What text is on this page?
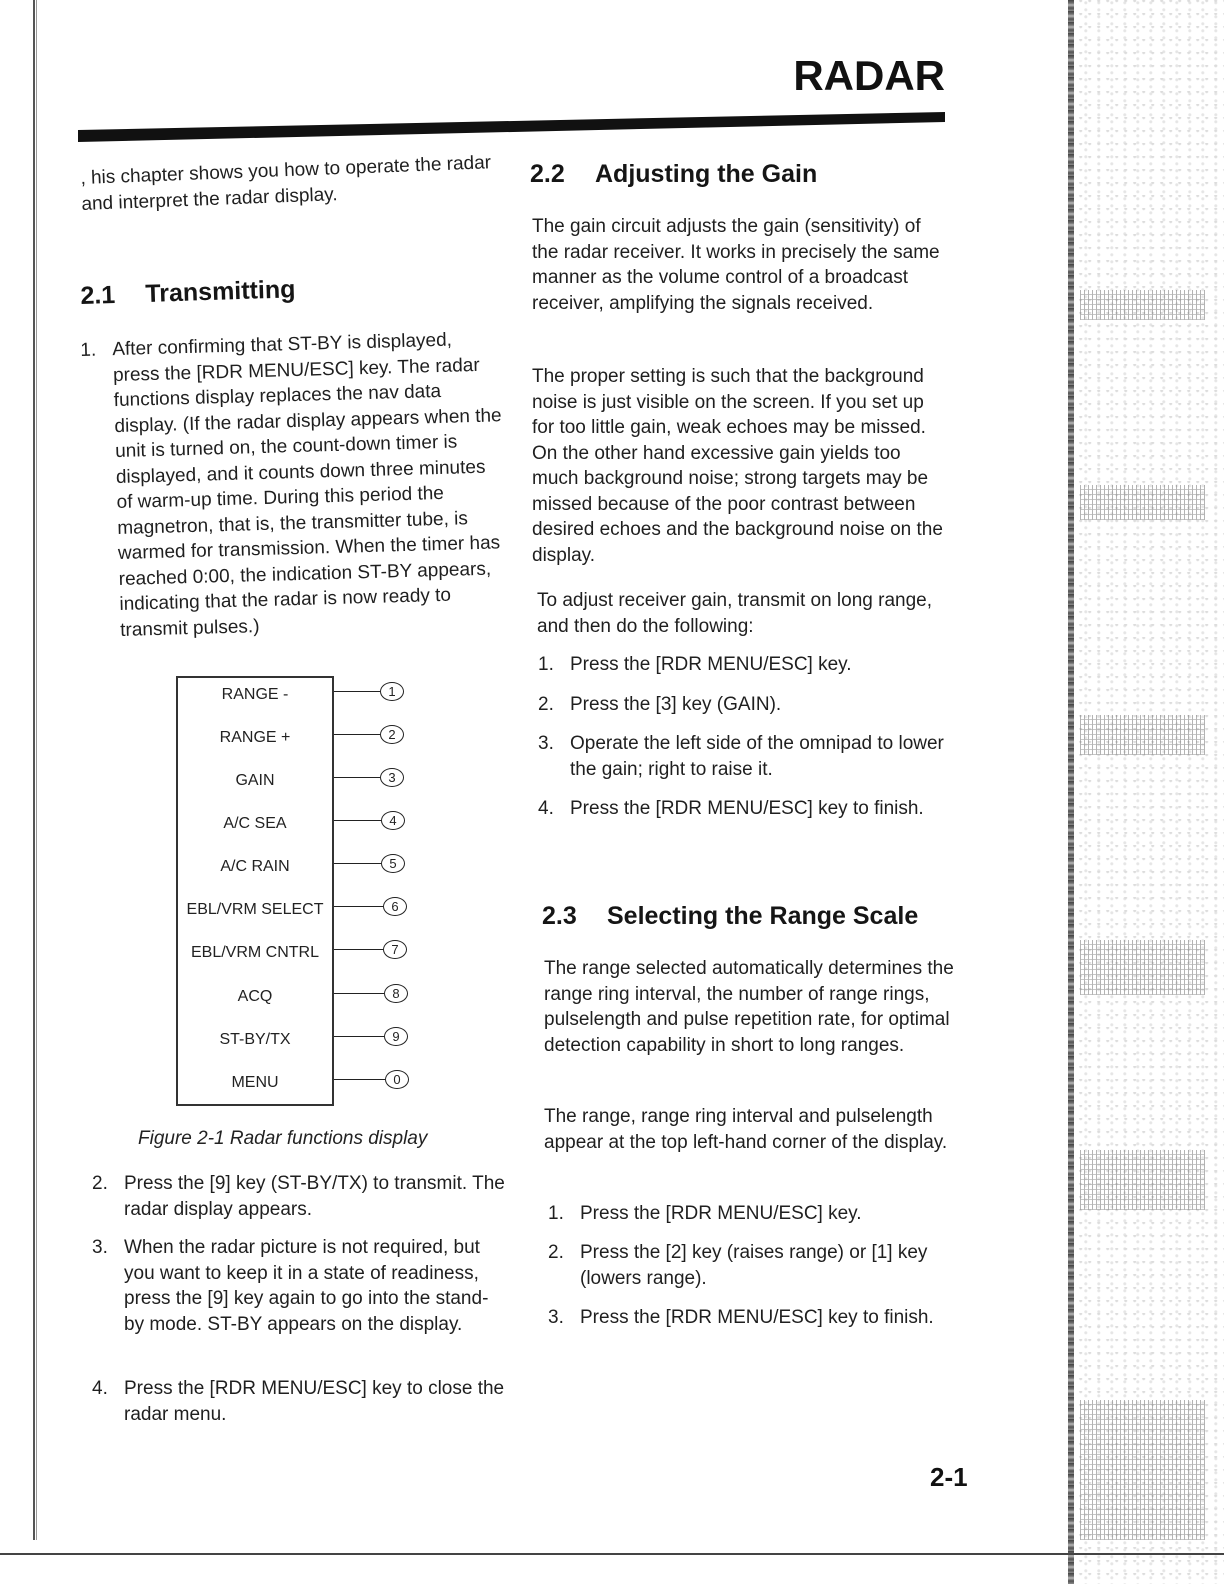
RADAR
, his chapter shows you how to operate the radar and interpret the radar display.
2.1 Transmitting
1. After confirming that ST-BY is displayed, press the [RDR MENU/ESC] key. The radar functions display replaces the nav data display. (If the radar display appears when the unit is turned on, the count-down timer is displayed, and it counts down three minutes of warm-up time. During this period the magnetron, that is, the transmitter tube, is warmed for transmission. When the timer has reached 0:00, the indication ST-BY appears, indicating that the radar is now ready to transmit pulses.)
RANGE -
RANGE +
GAIN
A/C SEA
A/C RAIN
EBL/VRM SELECT
EBL/VRM CNTRL
ACQ
ST-BY/TX
MENU
1
2
3
4
5
6
7
8
9
0
Figure 2-1 Radar functions display
2. Press the [9] key (ST-BY/TX) to transmit. The radar display appears.
3. When the radar picture is not required, but you want to keep it in a state of readiness, press the [9] key again to go into the stand-by mode. ST-BY appears on the display.
4. Press the [RDR MENU/ESC] key to close the radar menu.
2.2 Adjusting the Gain
The gain circuit adjusts the gain (sensitivity) of the radar receiver. It works in precisely the same manner as the volume control of a broadcast receiver, amplifying the signals received.
The proper setting is such that the background noise is just visible on the screen. If you set up for too little gain, weak echoes may be missed. On the other hand excessive gain yields too much background noise; strong targets may be missed because of the poor contrast between desired echoes and the background noise on the display.
To adjust receiver gain, transmit on long range, and then do the following:
1. Press the [RDR MENU/ESC] key.
2. Press the [3] key (GAIN).
3. Operate the left side of the omnipad to lower the gain; right to raise it.
4. Press the [RDR MENU/ESC] key to finish.
2.3 Selecting the Range Scale
The range selected automatically determines the range ring interval, the number of range rings, pulselength and pulse repetition rate, for optimal detection capability in short to long ranges.
The range, range ring interval and pulselength appear at the top left-hand corner of the display.
1. Press the [RDR MENU/ESC] key.
2. Press the [2] key (raises range) or [1] key (lowers range).
3. Press the [RDR MENU/ESC] key to finish.
2-1
